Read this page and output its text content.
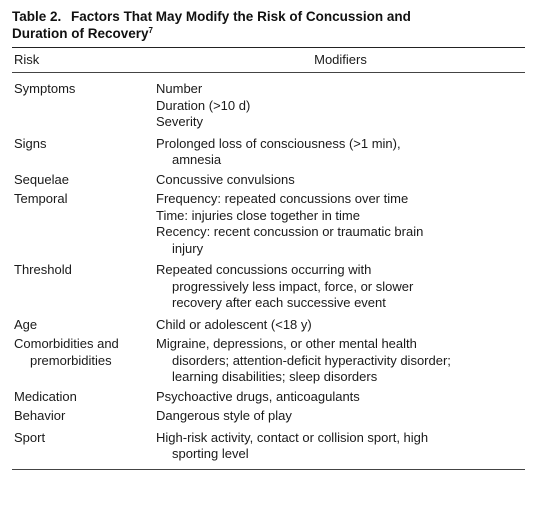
Table 2. Factors That May Modify the Risk of Concussion and
Duration of Recovery$^7$
Risk	Modifiers

Symptoms	Number
Duration (>10 d)
Severity

Signs	Prolonged loss of consciousness (>1 min),
amnesia

Sequelae	Concussive convulsions

Temporal	Frequency: repeated concussions over time
Time: injuries close together in time
Recency: recent concussion or traumatic brain
injury

Threshold	Repeated concussions occurring with
progressively less impact, force, or slower
recovery after each successive event

Age	Child or adolescent (<18 y)

Comorbidities and
premorbidities	Migraine, depressions, or other mental health
disorders; attention-deficit hyperactivity disorder;
learning disabilities; sleep disorders

Medication	Psychoactive drugs, anticoagulants

Behavior	Dangerous style of play

Sport	High-risk activity, contact or collision sport, high
sporting level
